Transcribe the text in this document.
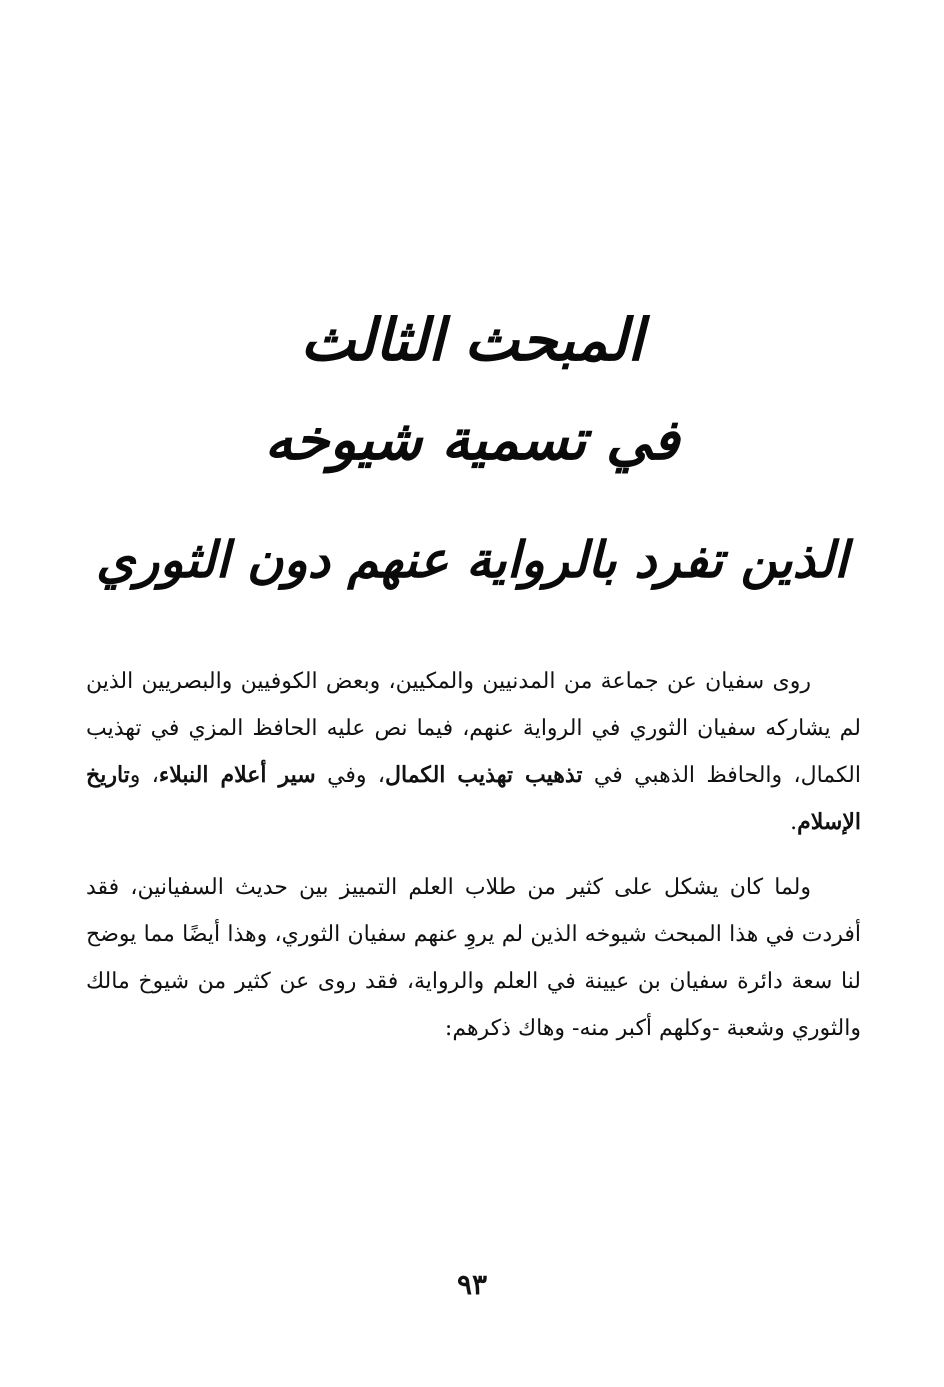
المبحث الثالث
في تسمية شيوخه
الذين تفرد بالرواية عنهم دون الثوري

روى سفيان عن جماعة من المدنيين والمكيين، وبعض الكوفيين والبصريين الذين لم يشاركه سفيان الثوري في الرواية عنهم، فيما نص عليه الحافظ المزي في تهذيب الكمال، والحافظ الذهبي في تذهيب تهذيب الكمال، وفي سير أعلام النبلاء، وتاريخ الإسلام.

ولما كان يشكل على كثير من طلاب العلم التمييز بين حديث السفيانين، فقد أفردت في هذا المبحث شيوخه الذين لم يروِ عنهم سفيان الثوري، وهذا أيضًا مما يوضح لنا سعة دائرة سفيان بن عيينة في العلم والرواية، فقد روى عن كثير من شيوخ مالك والثوري وشعبة -وكلهم أكبر منه- وهاك ذكرهم:

٩٣
